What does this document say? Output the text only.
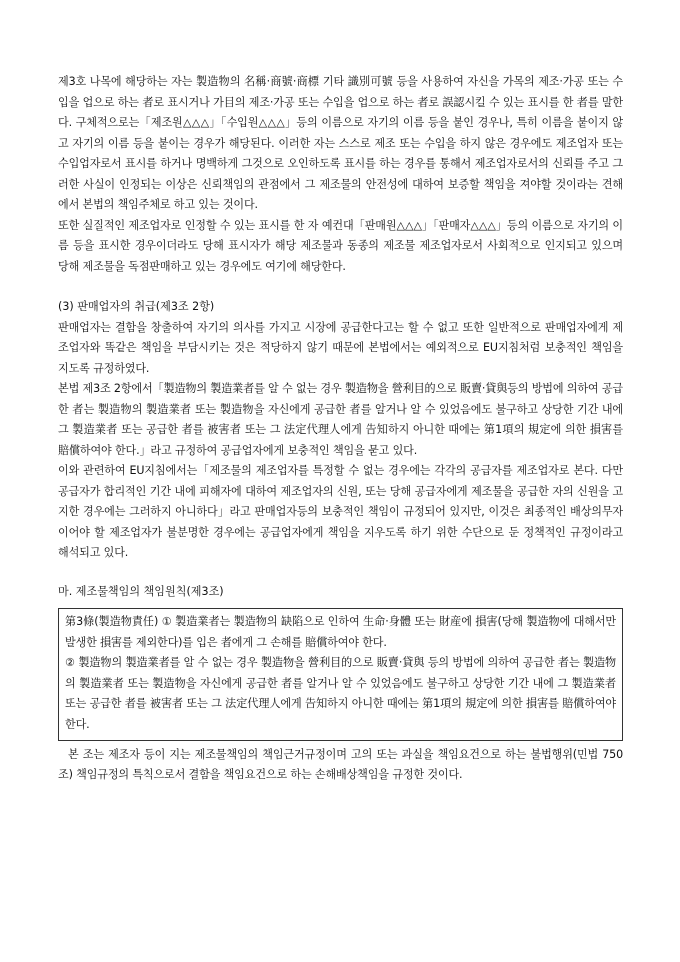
제3호 나목에 해당하는 자는 製造物의 名稱·商號·商標 기타 識別可號 등을 사용하여 자신을 가목의 제조·가공 또는 수입을 업으로 하는 者로 표시거나 가目의 제조·가공 또는 수입을 업으로 하는 者로 誤認시킬 수 있는 표시를 한 者를 말한다. 구체적으로는「제조원△△△」「수입원△△△」등의 이름으로 자기의 이름 등을 붙인 경우나, 특히 이름을 붙이지 않고 자기의 이름 등을 붙이는 경우가 해당된다. 이러한 자는 스스로 제조 또는 수입을 하지 않은 경우에도 제조업자 또는 수입업자로서 표시를 하거나 명백하게 그것으로 오인하도록 표시를 하는 경우를 통해서 제조업자로서의 신뢰를 주고 그러한 사실이 인정되는 이상은 신뢰책임의 관점에서 그 제조물의 안전성에 대하여 보증할 책임을 져야할 것이라는 견해에서 본법의 책임주체로 하고 있는 것이다.

또한 실질적인 제조업자로 인정할 수 있는 표시를 한 자 예컨대「판매원△△△」「판매자△△△」등의 이름으로 자기의 이름 등을 표시한 경우이더라도 당해 표시자가 해당 제조물과 동종의 제조물 제조업자로서 사회적으로 인지되고 있으며 당해 제조물을 독점판매하고 있는 경우에도 여기에 해당한다.

(3) 판매업자의 취급(제3조 2항)

판매업자는 결함을 창출하여 자기의 의사를 가지고 시장에 공급한다고는 할 수 없고 또한 일반적으로 판매업자에게 제조업자와 똑같은 책임을 부담시키는 것은 적당하지 않기 때문에 본법에서는 예외적으로 EU지침처럼 보충적인 책임을 지도록 규정하였다.

본법 제3조 2항에서「製造物의 製造業者를 알 수 없는 경우 製造物을 營利目的으로 販賣·貸與등의 방법에 의하여 공급한 者는 製造物의 製造業者 또는 製造物을 자신에게 공급한 者를 알거나 알 수 있었음에도 불구하고 상당한 기간 내에 그 製造業者 또는 공급한 者를 被害者 또는 그 法定代理人에게 告知하지 아니한 때에는 第1項의 規定에 의한 損害를 賠償하여야 한다.」라고 규정하여 공급업자에게 보충적인 책임을 묻고 있다.

이와 관련하여 EU지침에서는「제조물의 제조업자를 특정할 수 없는 경우에는 각각의 공급자를 제조업자로 본다. 다만 공급자가 합리적인 기간 내에 피해자에 대하여 제조업자의 신원, 또는 당해 공급자에게 제조물을 공급한 자의 신원을 고지한 경우에는 그러하지 아니하다」라고 판매업자등의 보충적인 책임이 규정되어 있지만, 이것은 최종적인 배상의무자 이어야 할 제조업자가 불분명한 경우에는 공급업자에게 책임을 지우도록 하기 위한 수단으로 둔 정책적인 규정이라고 해석되고 있다.

마. 제조물책임의 책임원칙(제3조)

第3條(製造物責任) ① 製造業者는 製造物의 缺陷으로 인하여 生命·身體 또는 財産에 損害(당해 製造物에 대해서만 발생한 損害를 제외한다)를 입은 者에게 그 손해를 賠償하여야 한다.

② 製造物의 製造業者를 알 수 없는 경우 製造物을 營利目的으로 販賣·貸與 등의 방법에 의하여 공급한 者는 製造物의 製造業者 또는 製造物을 자신에게 공급한 者를 알거나 알 수 있었음에도 불구하고 상당한 기간 내에 그 製造業者 또는 공급한 者를 被害者 또는 그 法定代理人에게 告知하지 아니한 때에는 第1項의 規定에 의한 損害를 賠償하여야 한다.

본 조는 제조자 등이 지는 제조물책임의 책임근거규정이며 고의 또는 과실을 책임요건으로 하는 불법행위(민법 750조) 책임규정의 특칙으로서 결함을 책임요건으로 하는 손해배상책임을 규정한 것이다.
